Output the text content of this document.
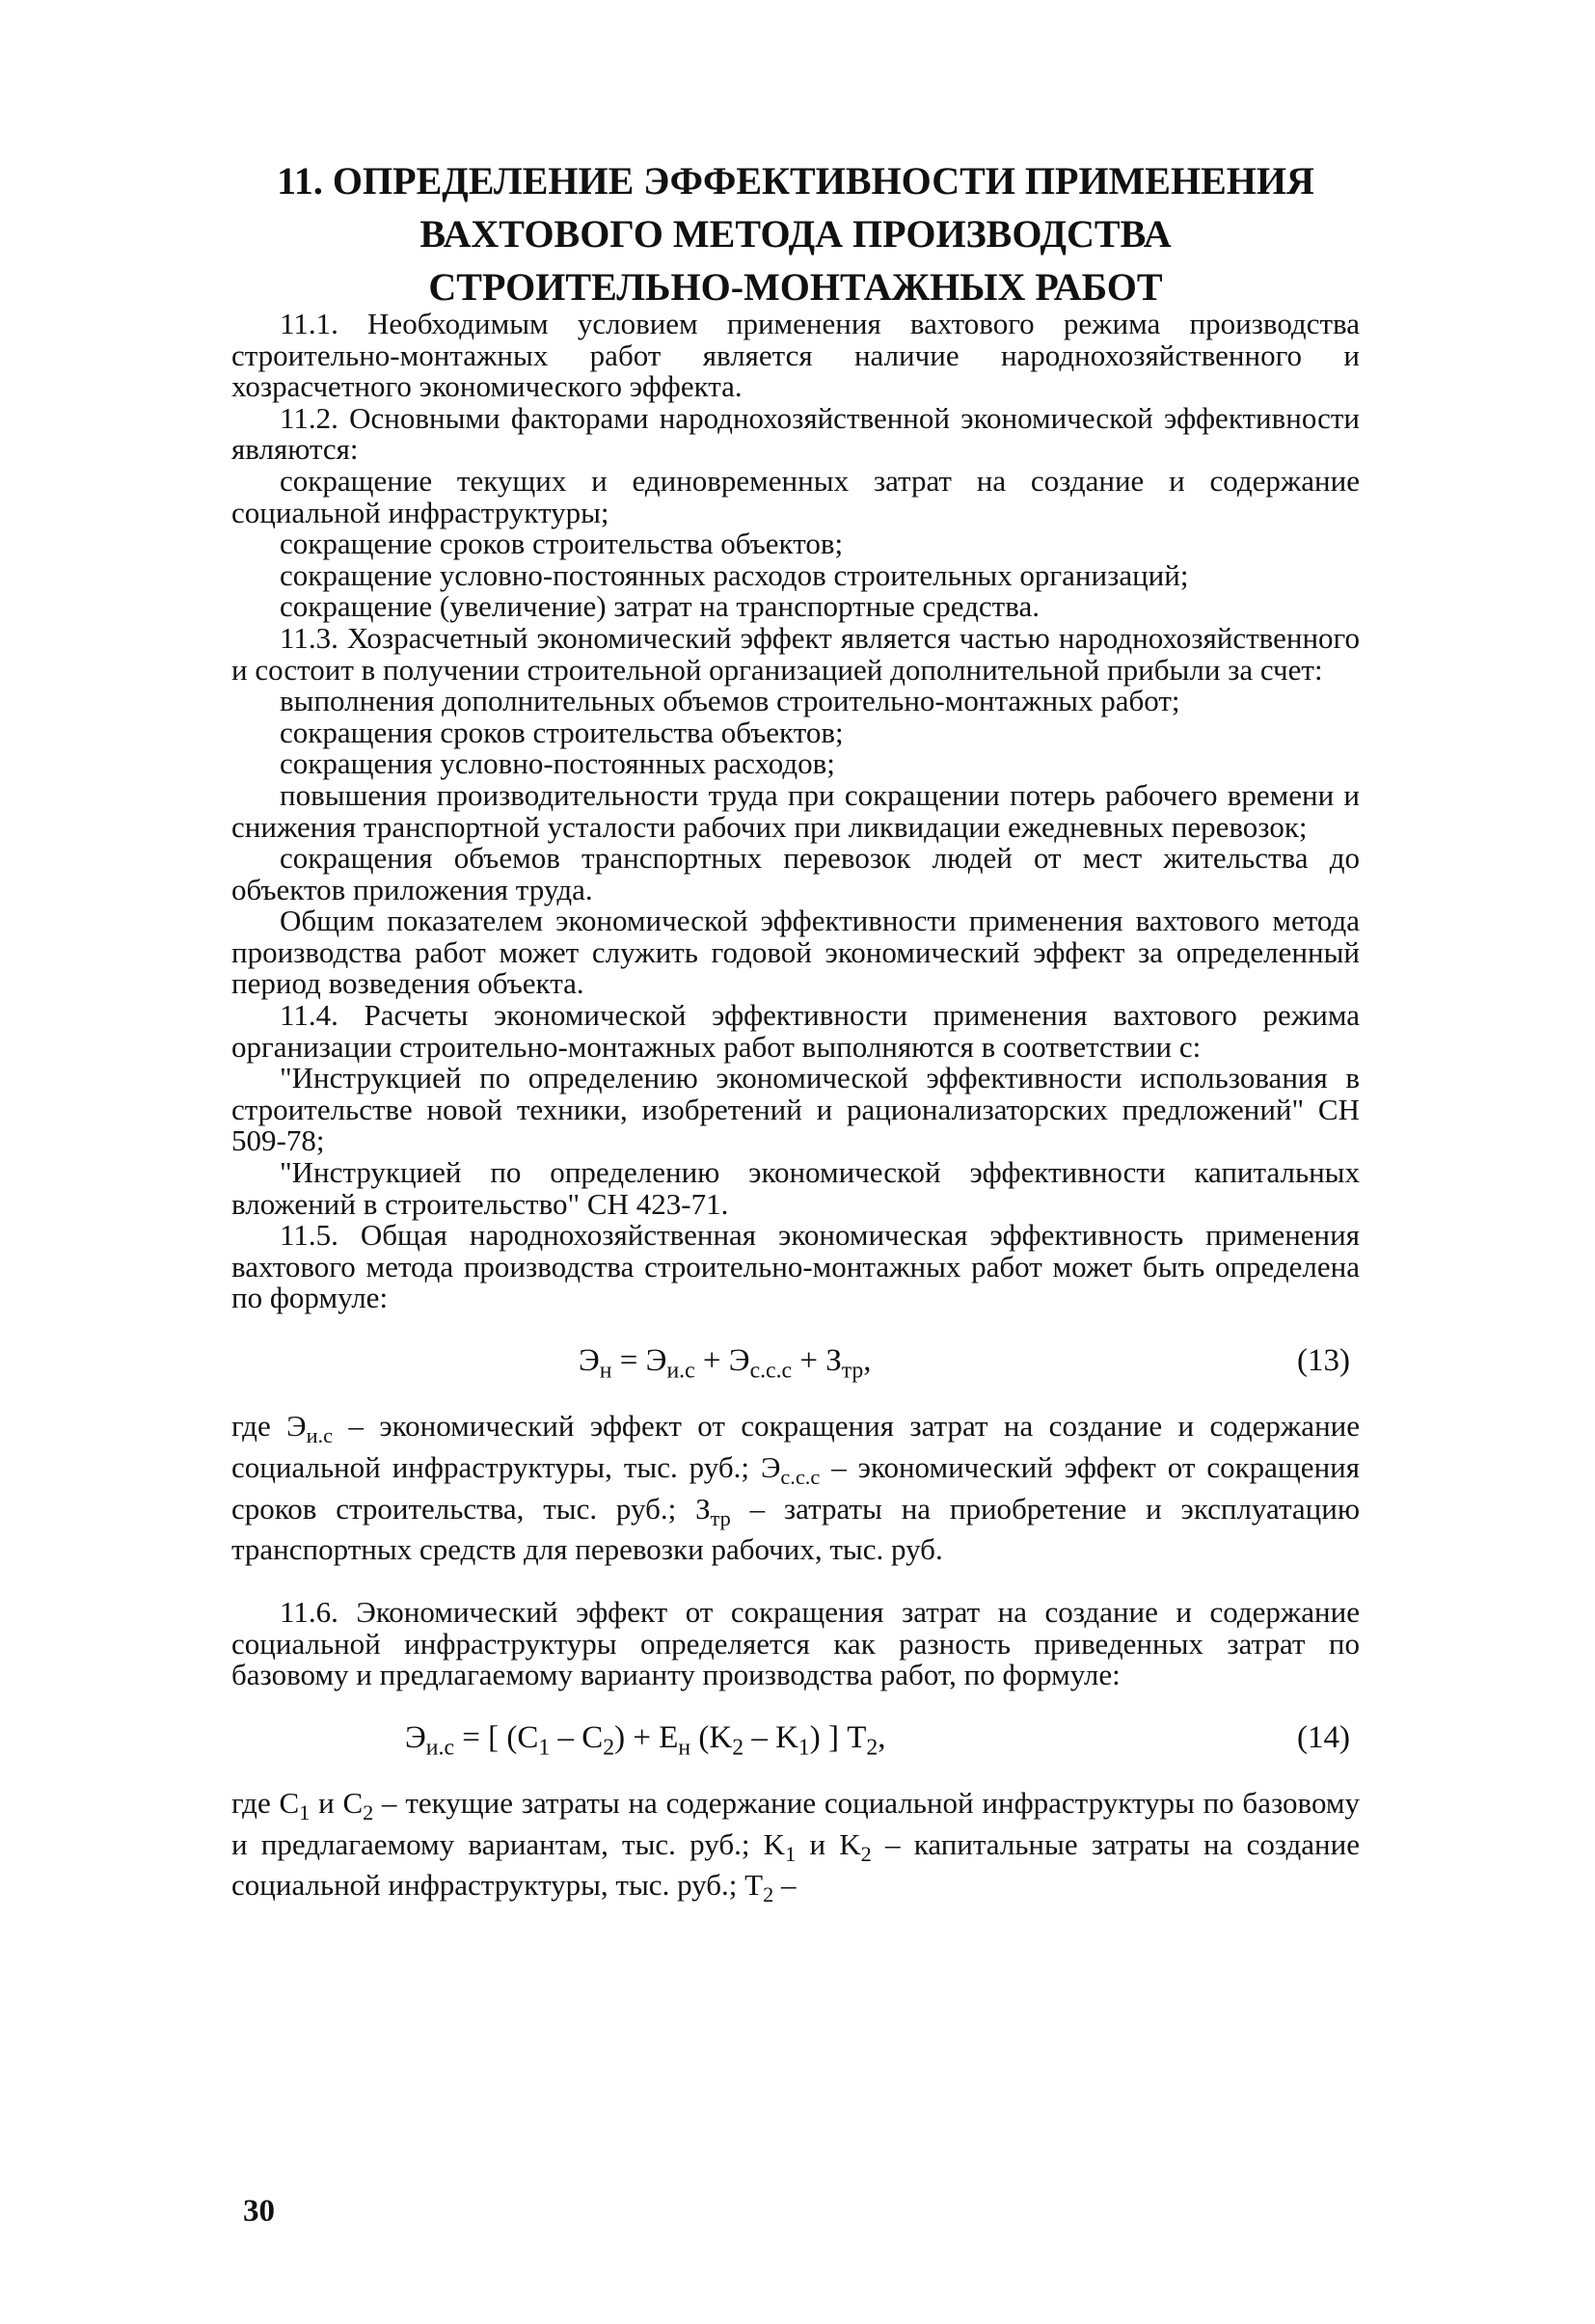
11. ОПРЕДЕЛЕНИЕ ЭФФЕКТИВНОСТИ ПРИМЕНЕНИЯ
ВАХТОВОГО МЕТОДА ПРОИЗВОДСТВА
СТРОИТЕЛЬНО-МОНТАЖНЫХ РАБОТ

11.1. Необходимым условием применения вахтового режима производства строительно-монтажных работ является наличие народнохозяйственного и хозрасчетного экономического эффекта.

11.2. Основными факторами народнохозяйственной экономической эффективности являются:

сокращение текущих и единовременных затрат на создание и содержание социальной инфраструктуры;

сокращение сроков строительства объектов;

сокращение условно-постоянных расходов строительных организаций;

сокращение (увеличение) затрат на транспортные средства.

11.3. Хозрасчетный экономический эффект является частью народнохозяйственного и состоит в получении строительной организацией дополнительной прибыли за счет:

выполнения дополнительных объемов строительно-монтажных работ;

сокращения сроков строительства объектов;

сокращения условно-постоянных расходов;

повышения производительности труда при сокращении потерь рабочего времени и снижения транспортной усталости рабочих при ликвидации ежедневных перевозок;

сокращения объемов транспортных перевозок людей от мест жительства до объектов приложения труда.

Общим показателем экономической эффективности применения вахтового метода производства работ может служить годовой экономический эффект за определенный период возведения объекта.

11.4. Расчеты экономической эффективности применения вахтового режима организации строительно-монтажных работ выполняются в соответствии с:

"Инструкцией по определению экономической эффективности использования в строительстве новой техники, изобретений и рационализаторских предложений" СН 509-78;

"Инструкцией по определению экономической эффективности капитальных вложений в строительство" СН 423-71.

11.5. Общая народнохозяйственная экономическая эффективность применения вахтового метода производства строительно-монтажных работ может быть определена по формуле:

$Э_н = Э_{и.с} + Э_{с.с.с} + З_{тр}$,	(13)

где $Э_{и.с}$ – экономический эффект от сокращения затрат на создание и содержание социальной инфраструктуры, тыс. руб.; $Э_{с.с.с}$ – экономический эффект от сокращения сроков строительства, тыс. руб.; $З_{тр}$ – затраты на приобретение и эксплуатацию транспортных средств для перевозки рабочих, тыс. руб.

11.6. Экономический эффект от сокращения затрат на создание и содержание социальной инфраструктуры определяется как разность приведенных затрат по базовому и предлагаемому варианту производства работ, по формуле:

$Э_{и.с}$ = [ $(C_1 - C_2) + E_н$ $(K_2 - K_1)$ ] $T_2$,	(14)

где $C_1$ и $C_2$ – текущие затраты на содержание социальной инфраструктуры по базовому и предлагаемому вариантам, тыс. руб.; $K_1$ и $K_2$ – капитальные затраты на создание социальной инфраструктуры, тыс. руб.; $T_2$ –

30
